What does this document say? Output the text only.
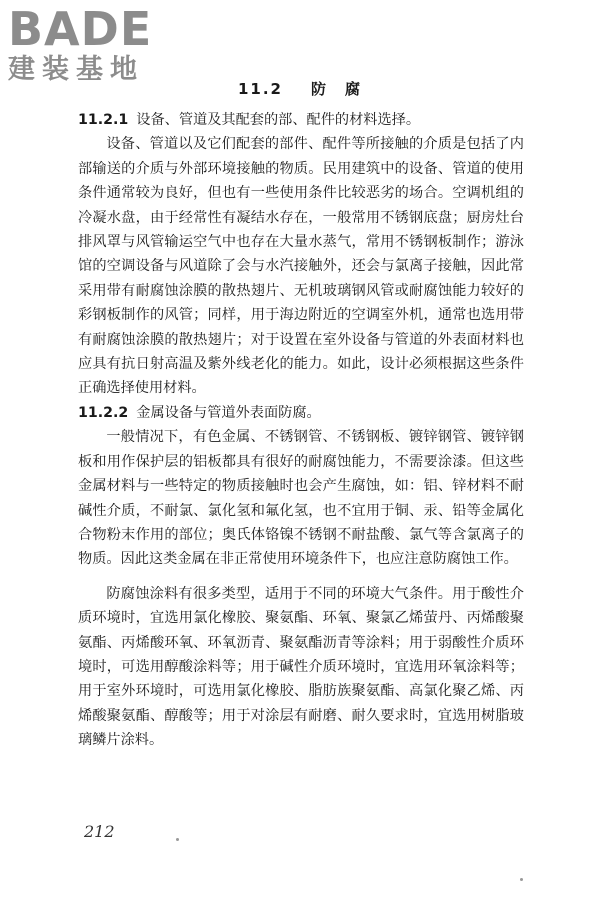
BADE
建装基地
11.2 防　腐

11.2.1 设备、管道及其配套的部、配件的材料选择。

设备、管道以及它们配套的部件、配件等所接触的介质是包括了内部输送的介质与外部环境接触的物质。民用建筑中的设备、管道的使用条件通常较为良好，但也有一些使用条件比较恶劣的场合。空调机组的冷凝水盘，由于经常性有凝结水存在，一般常用不锈钢底盘；厨房灶台排风罩与风管输运空气中也存在大量水蒸气，常用不锈钢板制作；游泳馆的空调设备与风道除了会与水汽接触外，还会与氯离子接触，因此常采用带有耐腐蚀涂膜的散热翅片、无机玻璃钢风管或耐腐蚀能力较好的彩钢板制作的风管；同样，用于海边附近的空调室外机，通常也选用带有耐腐蚀涂膜的散热翅片；对于设置在室外设备与管道的外表面材料也应具有抗日射高温及紫外线老化的能力。如此，设计必须根据这些条件正确选择使用材料。

11.2.2 金属设备与管道外表面防腐。

一般情况下，有色金属、不锈钢管、不锈钢板、镀锌钢管、镀锌钢板和用作保护层的铝板都具有很好的耐腐蚀能力，不需要涂漆。但这些金属材料与一些特定的物质接触时也会产生腐蚀，如：铝、锌材料不耐碱性介质，不耐氯、氯化氢和氟化氢，也不宜用于铜、汞、铅等金属化合物粉末作用的部位；奥氏体铬镍不锈钢不耐盐酸、氯气等含氯离子的物质。因此这类金属在非正常使用环境条件下，也应注意防腐蚀工作。

防腐蚀涂料有很多类型，适用于不同的环境大气条件。用于酸性介质环境时，宜选用氯化橡胶、聚氨酯、环氧、聚氯乙烯萤丹、丙烯酸聚氨酯、丙烯酸环氧、环氧沥青、聚氨酯沥青等涂料；用于弱酸性介质环境时，可选用醇酸涂料等；用于碱性介质环境时，宜选用环氧涂料等；用于室外环境时，可选用氯化橡胶、脂肪族聚氨酯、高氯化聚乙烯、丙烯酸聚氨酯、醇酸等；用于对涂层有耐磨、耐久要求时，宜选用树脂玻璃鳞片涂料。

212
